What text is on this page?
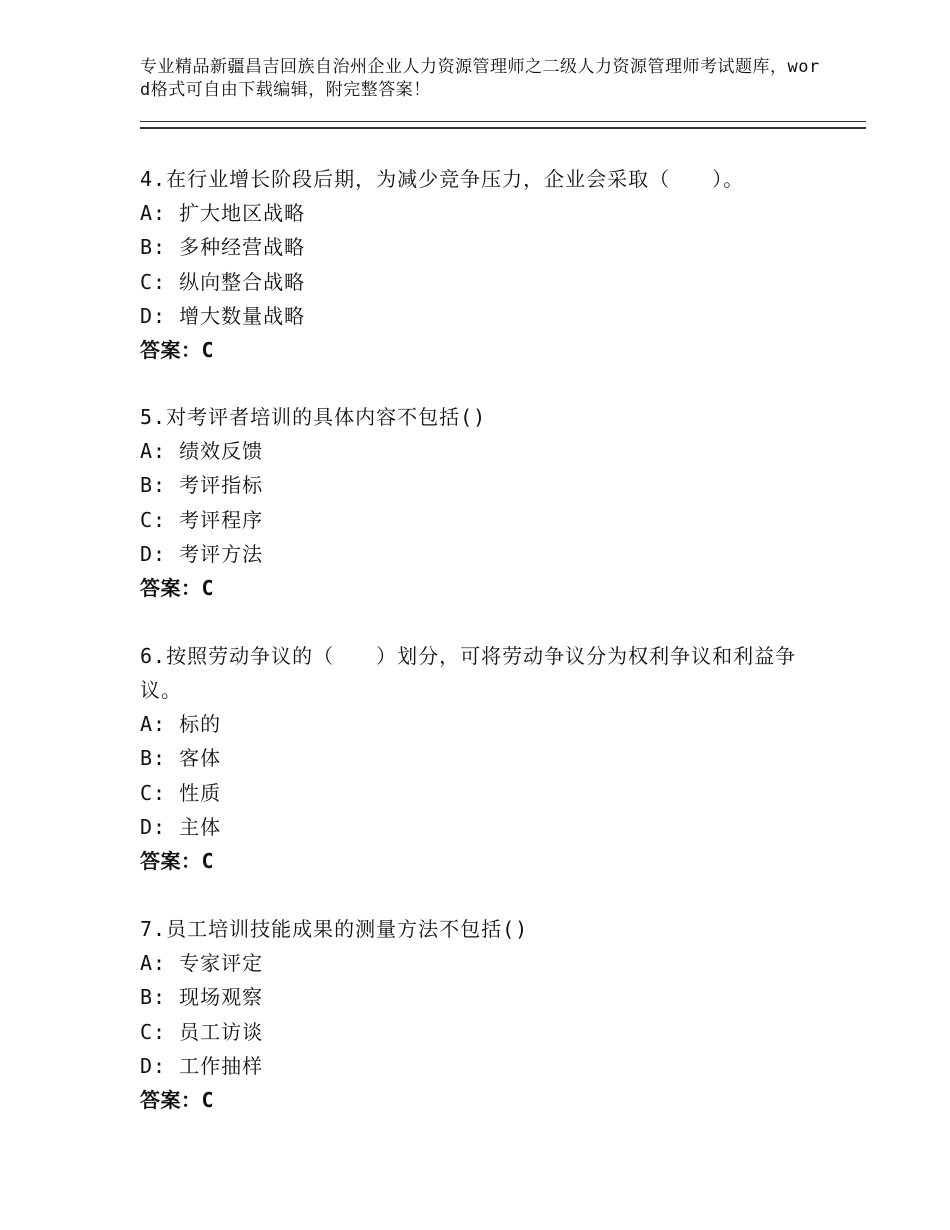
专业精品新疆昌吉回族自治州企业人力资源管理师之二级人力资源管理师考试题库，word格式可自由下载编辑，附完整答案！
4.在行业增长阶段后期，为减少竞争压力，企业会采取（　　）。
A: 扩大地区战略
B: 多种经营战略
C: 纵向整合战略
D: 增大数量战略
答案：C
5.对考评者培训的具体内容不包括()
A: 绩效反馈
B: 考评指标
C: 考评程序
D: 考评方法
答案：C
6.按照劳动争议的（　　）划分，可将劳动争议分为权利争议和利益争议。
A: 标的
B: 客体
C: 性质
D: 主体
答案：C
7.员工培训技能成果的测量方法不包括()
A: 专家评定
B: 现场观察
C: 员工访谈
D: 工作抽样
答案：C
